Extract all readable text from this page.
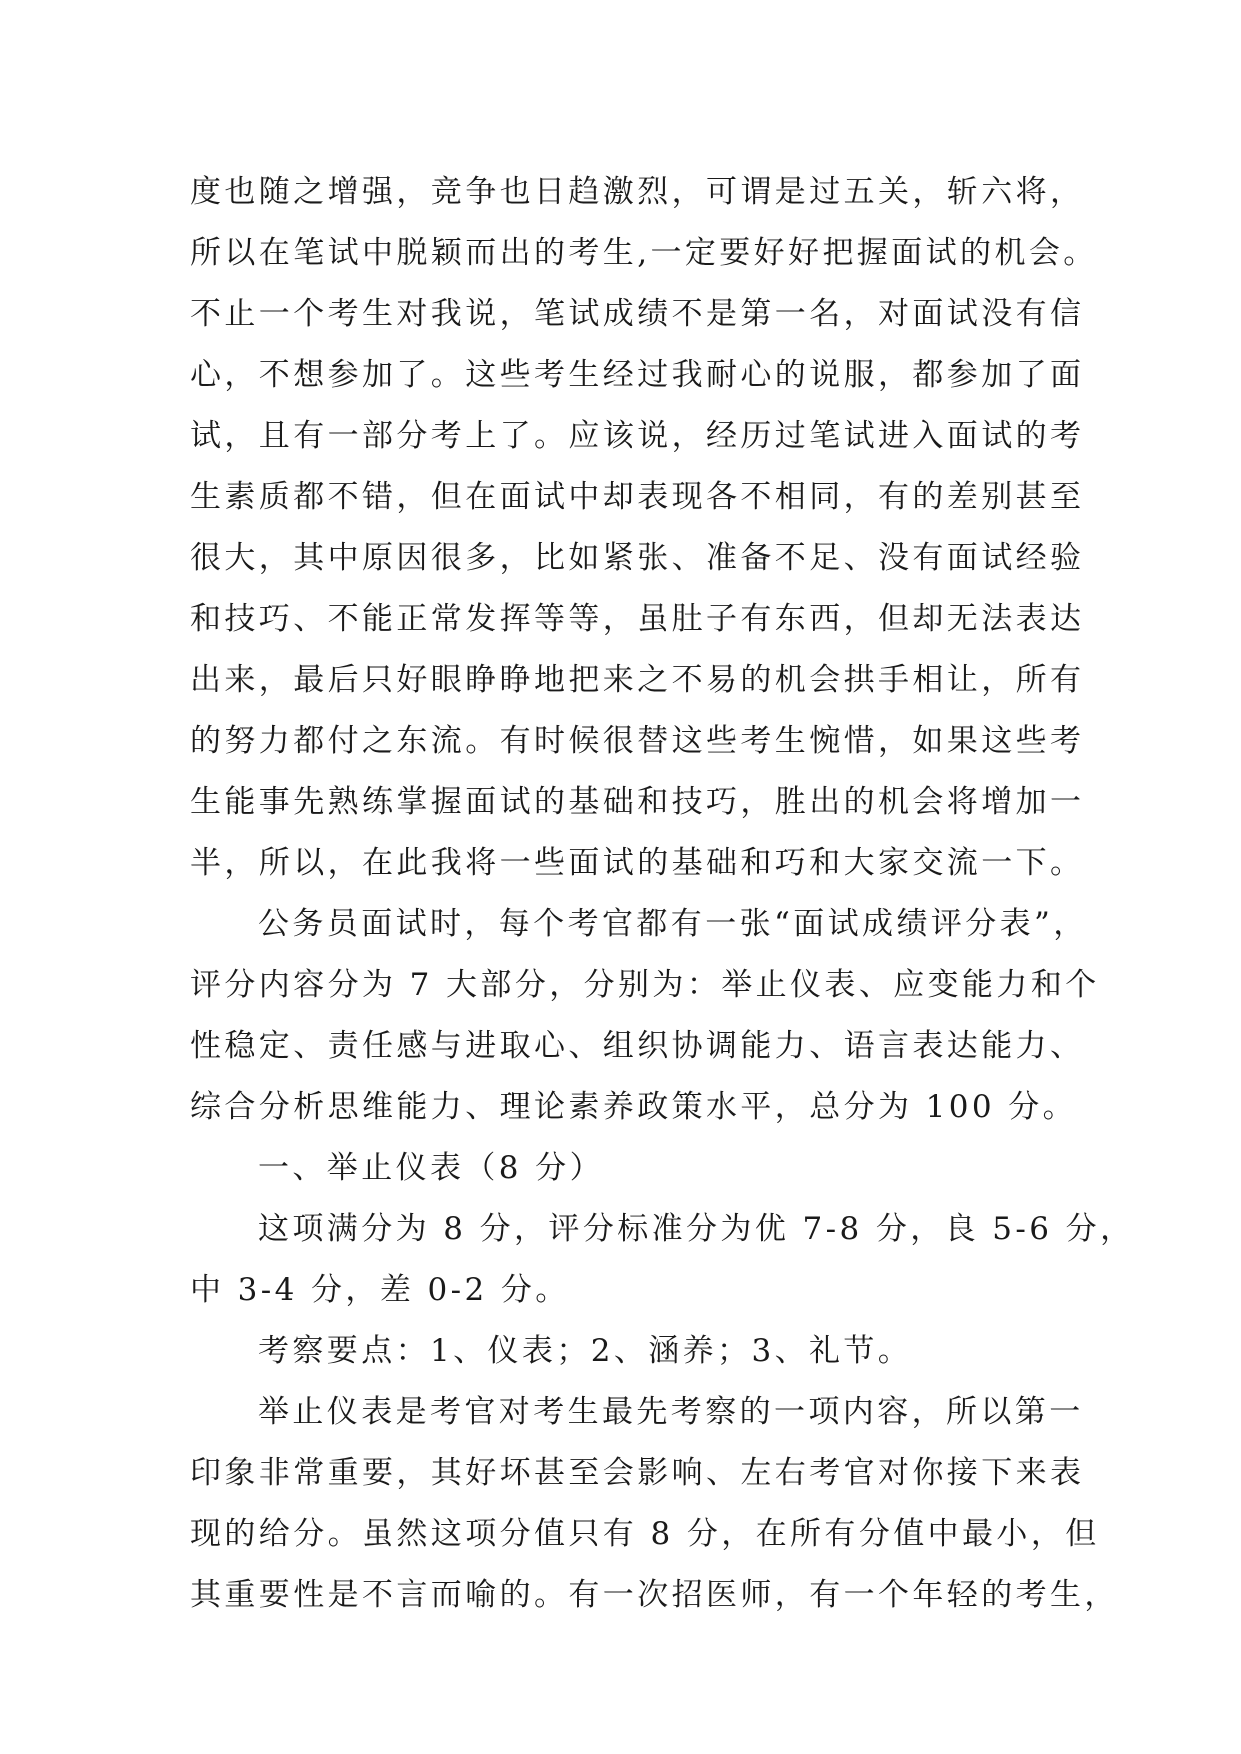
度也随之增强，竞争也日趋激烈，可谓是过五关，斩六将，
所以在笔试中脱颖而出的考生,一定要好好把握面试的机会。
不止一个考生对我说，笔试成绩不是第一名，对面试没有信
心，不想参加了。这些考生经过我耐心的说服，都参加了面
试，且有一部分考上了。应该说，经历过笔试进入面试的考
生素质都不错，但在面试中却表现各不相同，有的差别甚至
很大，其中原因很多，比如紧张、准备不足、没有面试经验
和技巧、不能正常发挥等等，虽肚子有东西，但却无法表达
出来，最后只好眼睁睁地把来之不易的机会拱手相让，所有
的努力都付之东流。有时候很替这些考生惋惜，如果这些考
生能事先熟练掌握面试的基础和技巧，胜出的机会将增加一
半，所以，在此我将一些面试的基础和巧和大家交流一下。
公务员面试时，每个考官都有一张“面试成绩评分表”，
评分内容分为 7 大部分，分别为：举止仪表、应变能力和个
性稳定、责任感与进取心、组织协调能力、语言表达能力、
综合分析思维能力、理论素养政策水平，总分为 100 分。
一、举止仪表（8 分）
这项满分为 8 分，评分标准分为优 7-8 分，良 5-6 分，
中 3-4 分，差 0-2 分。
考察要点：1、仪表；2、涵养；3、礼节。
举止仪表是考官对考生最先考察的一项内容，所以第一
印象非常重要，其好坏甚至会影响、左右考官对你接下来表
现的给分。虽然这项分值只有 8 分，在所有分值中最小，但
其重要性是不言而喻的。有一次招医师，有一个年轻的考生，
